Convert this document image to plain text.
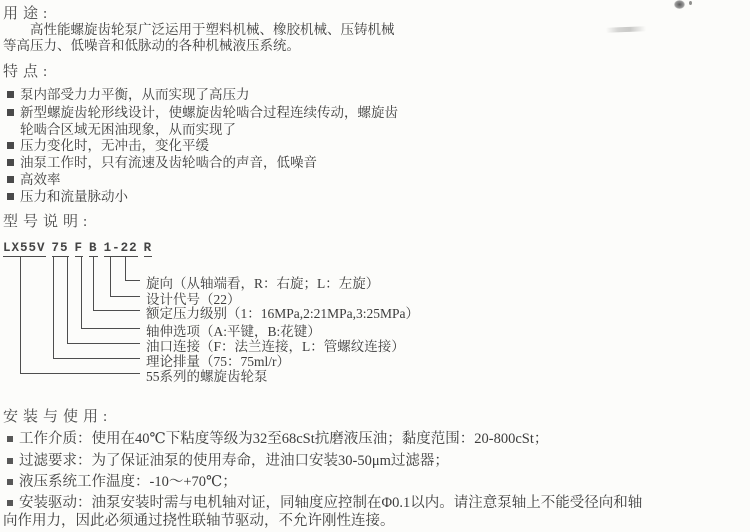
用途:
高性能螺旋齿轮泵广泛运用于塑料机械、橡胶机械、压铸机械
等高压力、低噪音和低脉动的各种机械液压系统。
特点:
泵内部受力力平衡，从而实现了高压力
新型螺旋齿轮形线设计，使螺旋齿轮啮合过程连续传动，螺旋齿
轮啮合区域无困油现象，从而实现了
压力变化时，无冲击，变化平缓
油泵工作时，只有流速及齿轮啮合的声音，低噪音
高效率
压力和流量脉动小
型号说明:
LX55V 75 F B 1-22 R
旋向（从轴端看，R：右旋；L：左旋）
设计代号（22）
额定压力级别（1：16MPa,2:21MPa,3:25MPa）
轴伸选项（A:平键，B:花键）
油口连接（F：法兰连接，L：管螺纹连接）
理论排量（75：75ml/r）
55系列的螺旋齿轮泵
安装与使用:
工作介质：使用在40℃下粘度等级为32至68cSt抗磨液压油；黏度范围：20-800cSt；
过滤要求：为了保证油泵的使用寿命，进油口安装30-50μm过滤器；
液压系统工作温度：-10～+70℃；
安装驱动：油泵安装时需与电机轴对证，同轴度应控制在Φ0.1以内。请注意泵轴上不能受径向和轴
向作用力，因此必须通过挠性联轴节驱动，不允许刚性连接。
